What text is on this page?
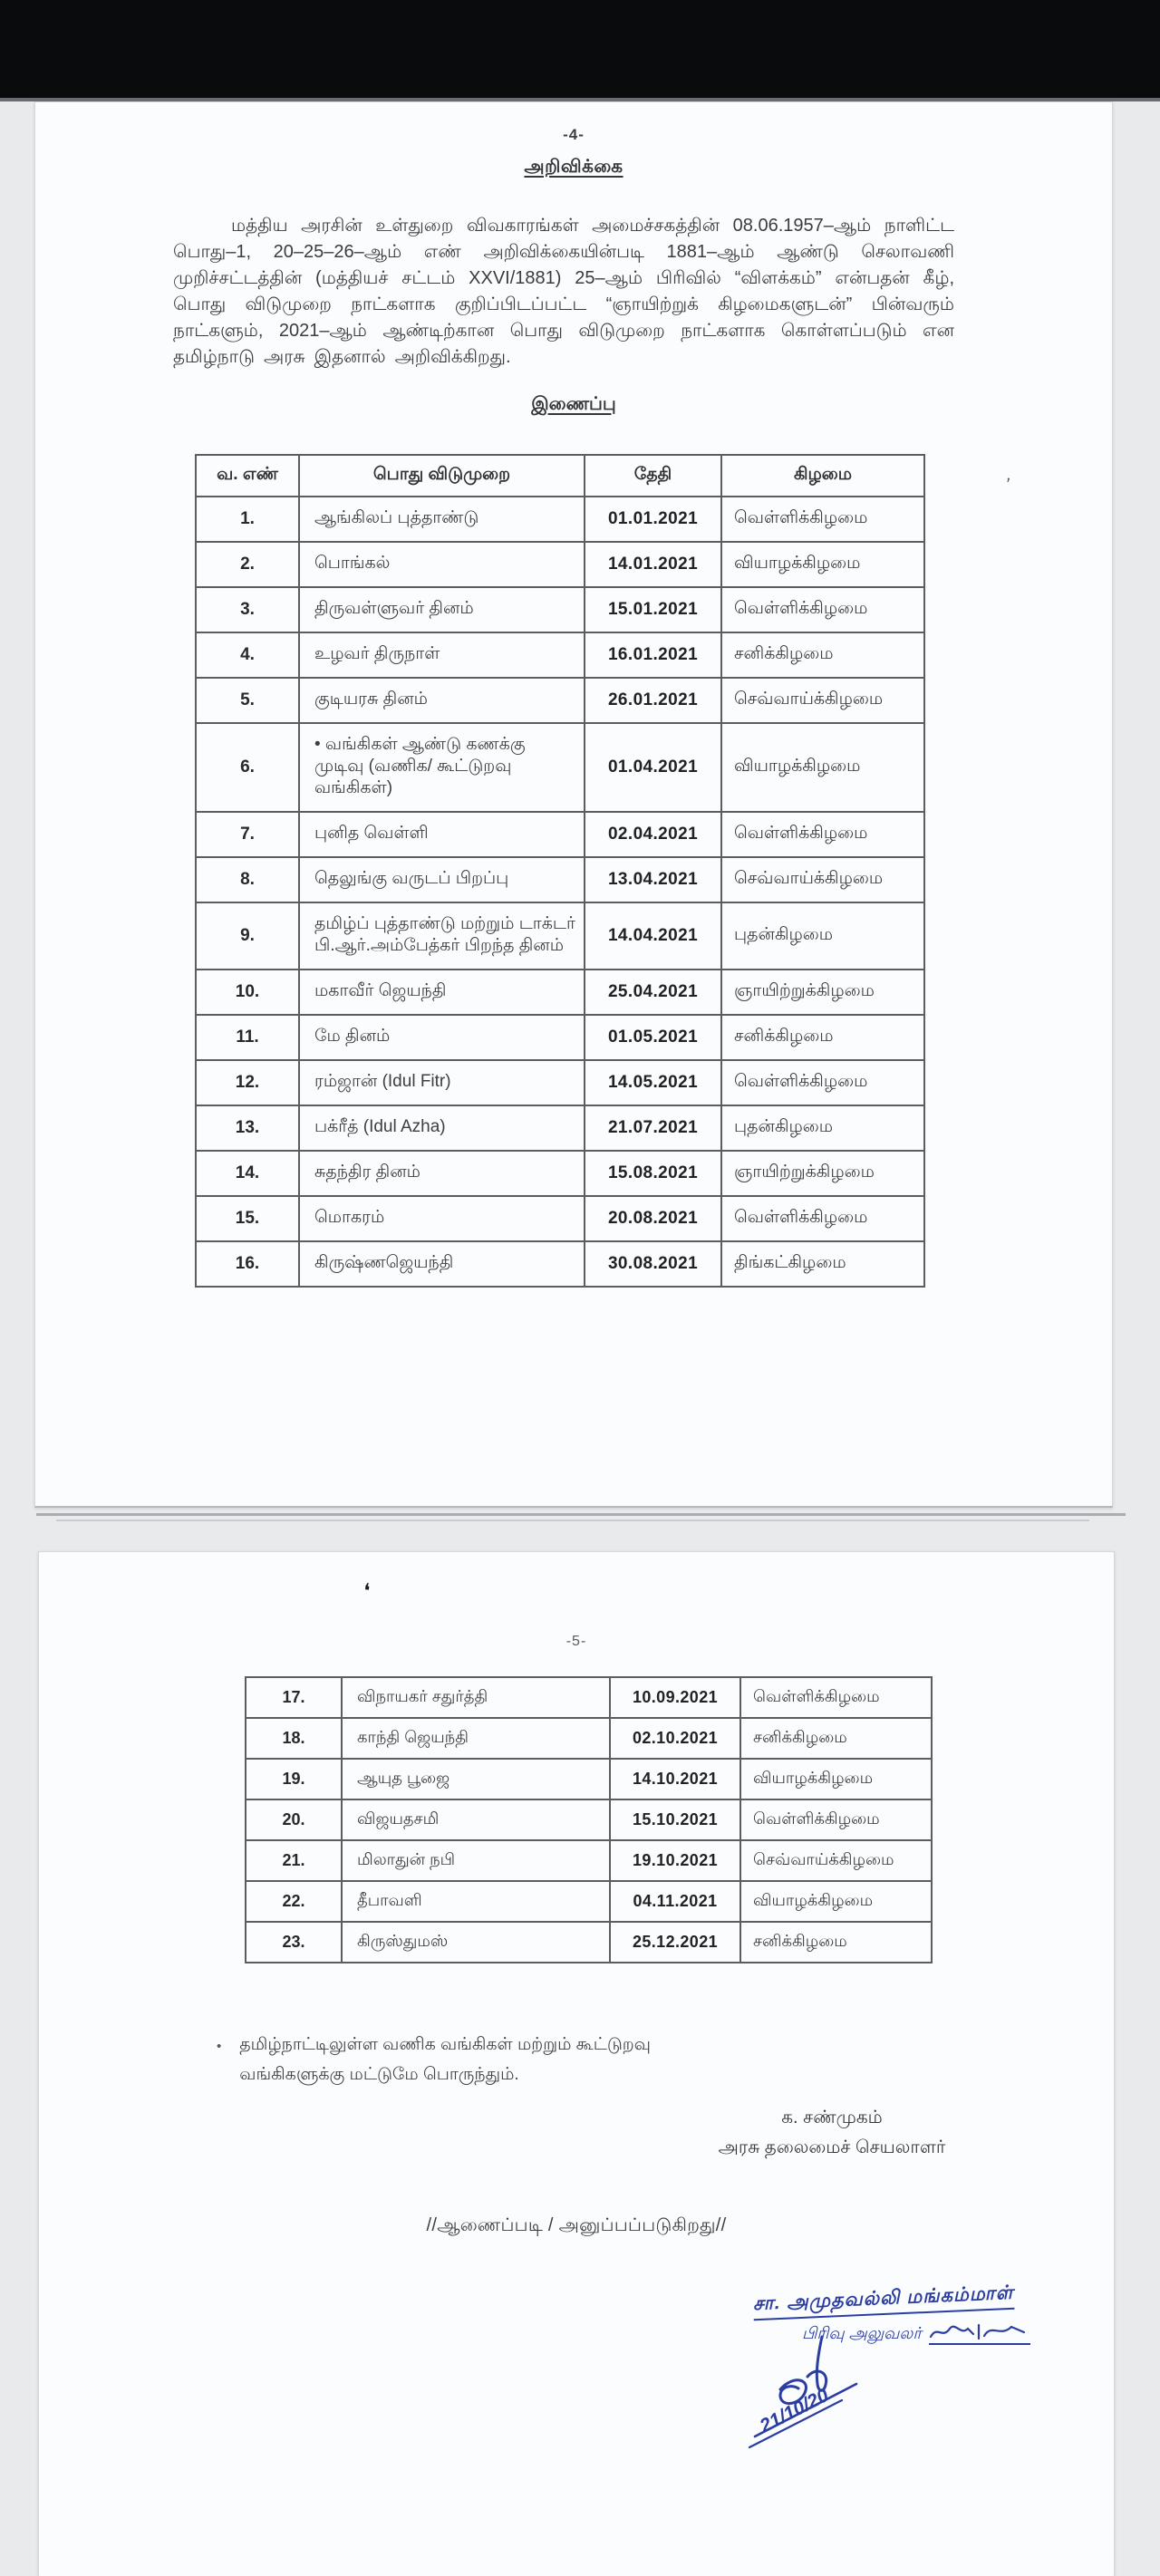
-4-
அறிவிக்கை

மத்திய அரசின் உள்துறை விவகாரங்கள் அமைச்சகத்தின் 08.06.1957–ஆம் நாளிட்ட பொது–1, 20–25–26–ஆம் எண் அறிவிக்கையின்படி 1881–ஆம் ஆண்டு செலாவணி முறிச்சட்டத்தின் (மத்தியச் சட்டம் XXVI/1881) 25–ஆம் பிரிவில் “விளக்கம்” என்பதன் கீழ், பொது விடுமுறை நாட்களாக குறிப்பிடப்பட்ட “ஞாயிற்றுக் கிழமைகளுடன்” பின்வரும் நாட்களும், 2021–ஆம் ஆண்டிற்கான பொது விடுமுறை நாட்களாக கொள்ளப்படும் என தமிழ்நாடு அரசு இதனால் அறிவிக்கிறது.

இணைப்பு
வ. எண்	பொது விடுமுறை	தேதி	கிழமை
1.	ஆங்கிலப் புத்தாண்டு	01.01.2021	வெள்ளிக்கிழமை
2.	பொங்கல்	14.01.2021	வியாழக்கிழமை
3.	திருவள்ளுவர் தினம்	15.01.2021	வெள்ளிக்கிழமை
4.	உழவர் திருநாள்	16.01.2021	சனிக்கிழமை
5.	குடியரசு தினம்	26.01.2021	செவ்வாய்க்கிழமை
6.	• வங்கிகள் ஆண்டு கணக்கு முடிவு (வணிக/ கூட்டுறவு வங்கிகள்)	01.04.2021	வியாழக்கிழமை
7.	புனித வெள்ளி	02.04.2021	வெள்ளிக்கிழமை
8.	தெலுங்கு வருடப் பிறப்பு	13.04.2021	செவ்வாய்க்கிழமை
9.	தமிழ்ப் புத்தாண்டு மற்றும் டாக்டர் பி.ஆர்.அம்பேத்கர் பிறந்த தினம்	14.04.2021	புதன்கிழமை
10.	மகாவீர் ஜெயந்தி	25.04.2021	ஞாயிற்றுக்கிழமை
11.	மே தினம்	01.05.2021	சனிக்கிழமை
12.	ரம்ஜான் (Idul Fitr)	14.05.2021	வெள்ளிக்கிழமை
13.	பக்ரீத் (Idul Azha)	21.07.2021	புதன்கிழமை
14.	சுதந்திர தினம்	15.08.2021	ஞாயிற்றுக்கிழமை
15.	மொகரம்	20.08.2021	வெள்ளிக்கிழமை
16.	கிருஷ்ணஜெயந்தி	30.08.2021	திங்கட்கிழமை
ʼ
❛
-5-
17.	விநாயகர் சதுர்த்தி	10.09.2021	வெள்ளிக்கிழமை
18.	காந்தி ஜெயந்தி	02.10.2021	சனிக்கிழமை
19.	ஆயுத பூஜை	14.10.2021	வியாழக்கிழமை
20.	விஜயதசமி	15.10.2021	வெள்ளிக்கிழமை
21.	மிலாதுன் நபி	19.10.2021	செவ்வாய்க்கிழமை
22.	தீபாவளி	04.11.2021	வியாழக்கிழமை
23.	கிருஸ்துமஸ்	25.12.2021	சனிக்கிழமை
• தமிழ்நாட்டிலுள்ள வணிக வங்கிகள் மற்றும் கூட்டுறவு வங்கிகளுக்கு மட்டுமே பொருந்தும்.
க. சண்முகம்
அரசு தலைமைச் செயலாளர்
//ஆணைப்படி / அனுப்பப்படுகிறது//
சா. அமுதவல்லி மங்கம்மாள்
பிரிவு அலுவலர்
21/10/20
